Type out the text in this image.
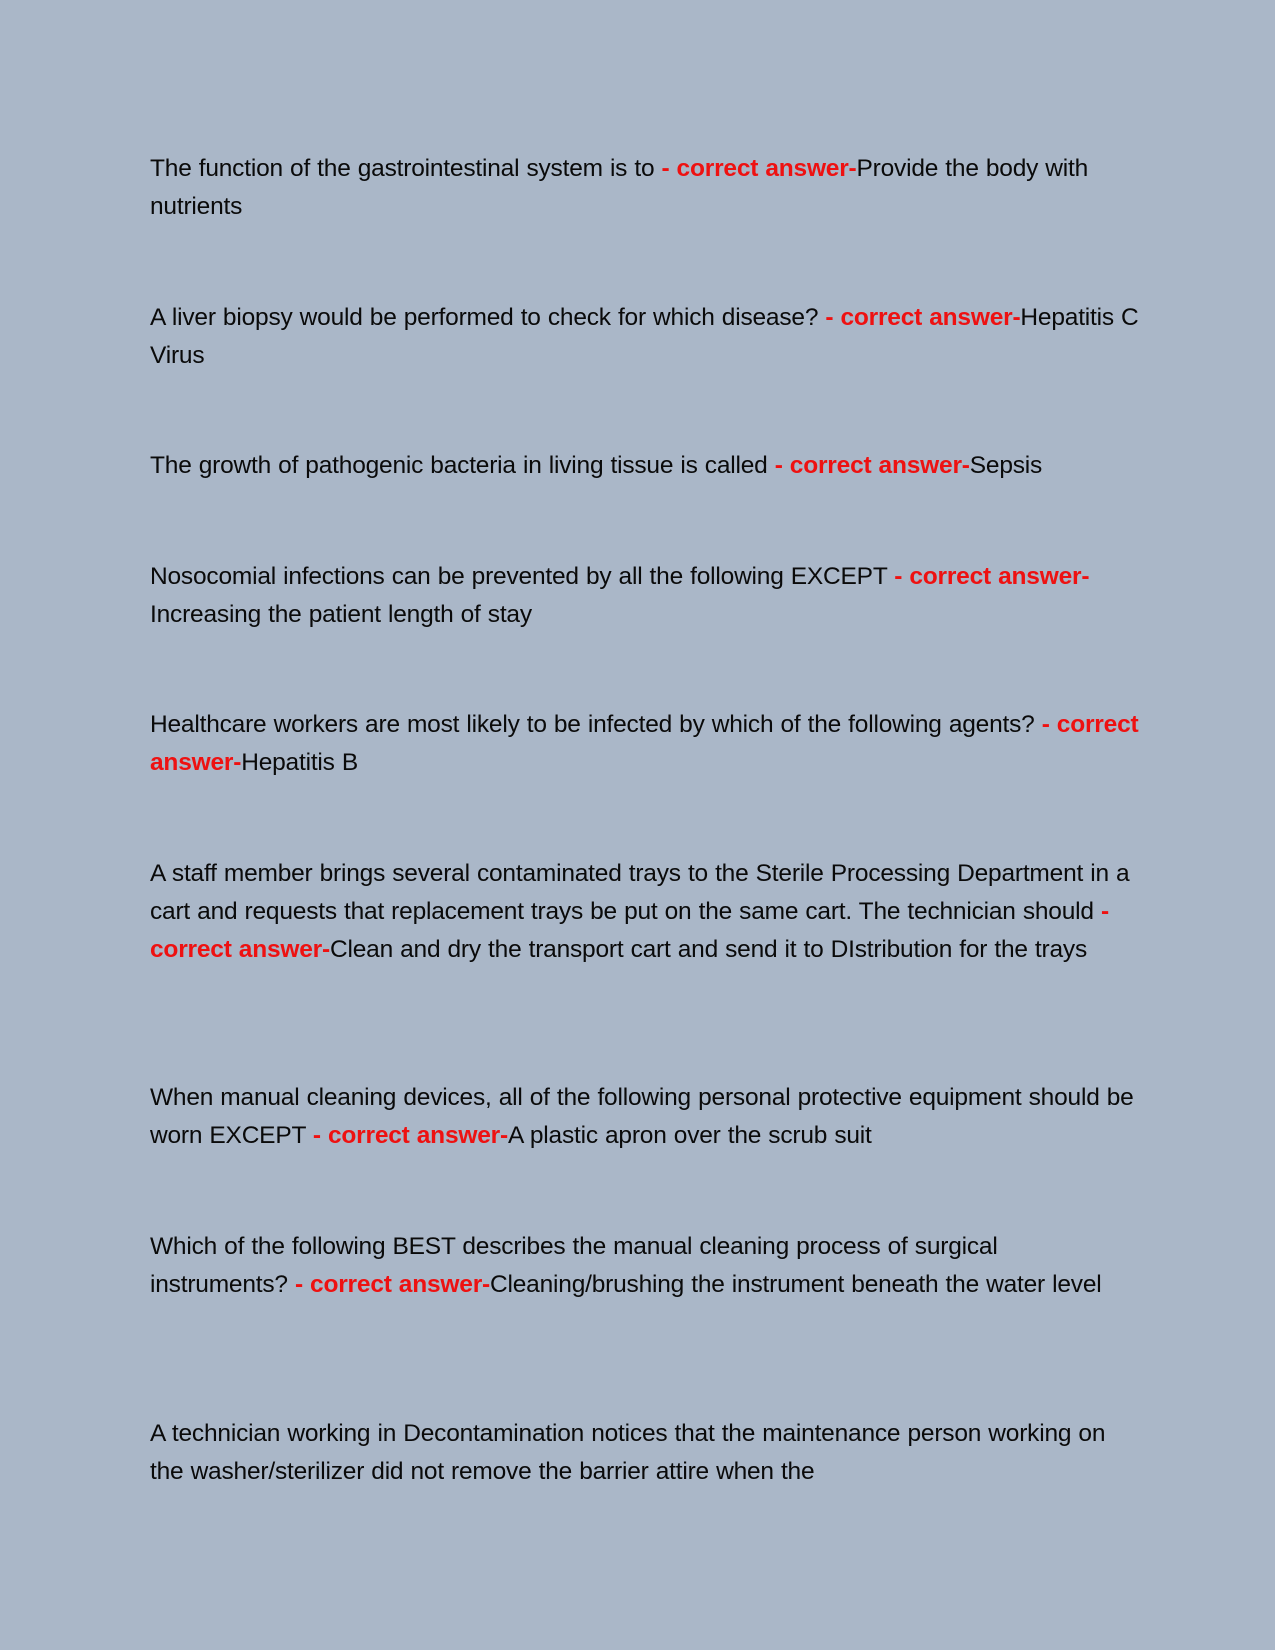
The function of the gastrointestinal system is to - correct answer-Provide the body with nutrients

A liver biopsy would be performed to check for which disease? - correct answer-Hepatitis C Virus

The growth of pathogenic bacteria in living tissue is called - correct answer-Sepsis

Nosocomial infections can be prevented by all the following EXCEPT - correct answer-Increasing the patient length of stay

Healthcare workers are most likely to be infected by which of the following agents? - correct answer-Hepatitis B

A staff member brings several contaminated trays to the Sterile Processing Department in a cart and requests that replacement trays be put on the same cart. The technician should - correct answer-Clean and dry the transport cart and send it to DIstribution for the trays

When manual cleaning devices, all of the following personal protective equipment should be worn EXCEPT - correct answer-A plastic apron over the scrub suit

Which of the following BEST describes the manual cleaning process of surgical instruments? - correct answer-Cleaning/brushing the instrument beneath the water level

A technician working in Decontamination notices that the maintenance person working on the washer/sterilizer did not remove the barrier attire when the
